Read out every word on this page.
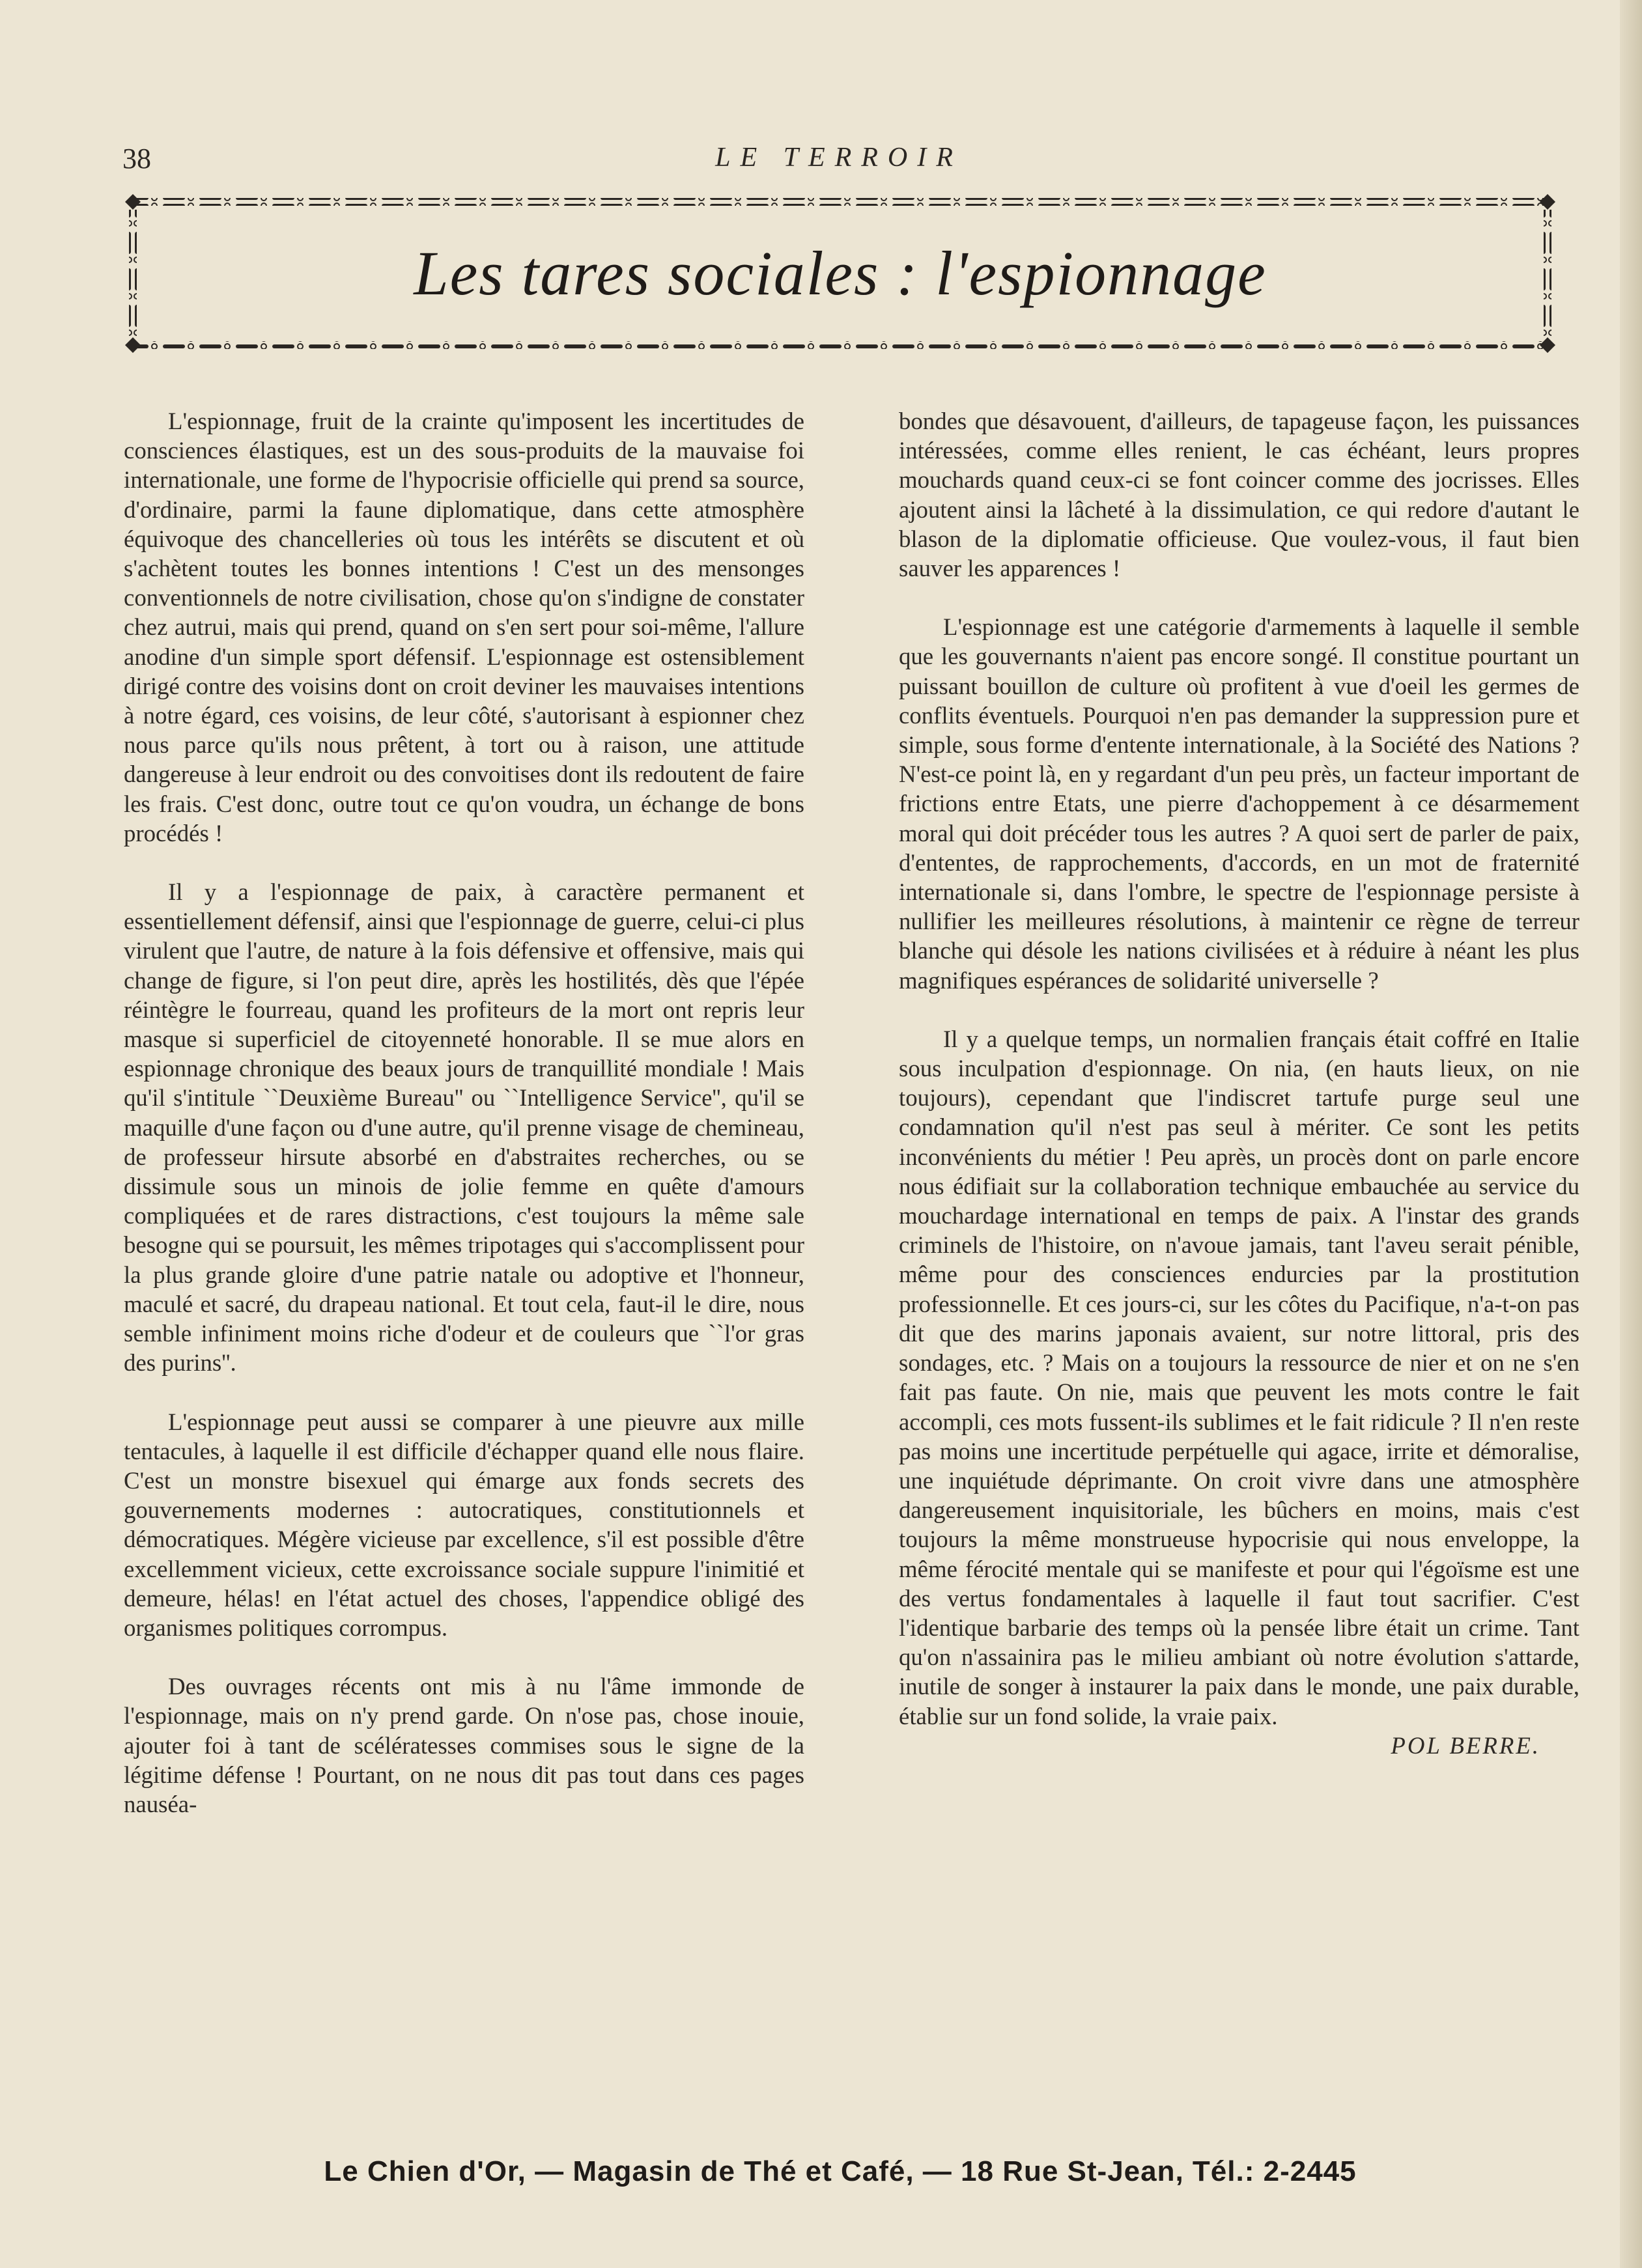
38	LE TERROIR
Les tares sociales : l'espionnage

L'espionnage, fruit de la crainte qu'imposent les incertitudes de consciences élastiques, est un des sous-produits de la mauvaise foi internationale, une forme de l'hypocrisie officielle qui prend sa source, d'ordinaire, parmi la faune diplomatique, dans cette atmosphère équivoque des chancelleries où tous les intérêts se discutent et où s'achètent toutes les bonnes intentions ! C'est un des mensonges conventionnels de notre civilisation, chose qu'on s'indigne de constater chez autrui, mais qui prend, quand on s'en sert pour soi-même, l'allure anodine d'un simple sport défensif. L'espionnage est ostensiblement dirigé contre des voisins dont on croit deviner les mauvaises intentions à notre égard, ces voisins, de leur côté, s'autorisant à espionner chez nous parce qu'ils nous prêtent, à tort ou à raison, une attitude dangereuse à leur endroit ou des convoitises dont ils redoutent de faire les frais. C'est donc, outre tout ce qu'on voudra, un échange de bons procédés !

Il y a l'espionnage de paix, à caractère permanent et essentiellement défensif, ainsi que l'espionnage de guerre, celui-ci plus virulent que l'autre, de nature à la fois défensive et offensive, mais qui change de figure, si l'on peut dire, après les hostilités, dès que l'épée réintègre le fourreau, quand les profiteurs de la mort ont repris leur masque si superficiel de citoyenneté honorable. Il se mue alors en espionnage chronique des beaux jours de tranquillité mondiale ! Mais qu'il s'intitule ``Deuxième Bureau'' ou ``Intelligence Service'', qu'il se maquille d'une façon ou d'une autre, qu'il prenne visage de chemineau, de professeur hirsute absorbé en d'abstraites recherches, ou se dissimule sous un minois de jolie femme en quête d'amours compliquées et de rares distractions, c'est toujours la même sale besogne qui se poursuit, les mêmes tripotages qui s'accomplissent pour la plus grande gloire d'une patrie natale ou adoptive et l'honneur, maculé et sacré, du drapeau national. Et tout cela, faut-il le dire, nous semble infiniment moins riche d'odeur et de couleurs que ``l'or gras des purins''.

L'espionnage peut aussi se comparer à une pieuvre aux mille tentacules, à laquelle il est difficile d'échapper quand elle nous flaire. C'est un monstre bisexuel qui émarge aux fonds secrets des gouvernements modernes : autocratiques, constitutionnels et démocratiques. Mégère vicieuse par excellence, s'il est possible d'être excellemment vicieux, cette excroissance sociale suppure l'inimitié et demeure, hélas! en l'état actuel des choses, l'appendice obligé des organismes politiques corrompus.

Des ouvrages récents ont mis à nu l'âme immonde de l'espionnage, mais on n'y prend garde. On n'ose pas, chose inouie, ajouter foi à tant de scélératesses commises sous le signe de la légitime défense ! Pourtant, on ne nous dit pas tout dans ces pages nauséa-

bondes que désavouent, d'ailleurs, de tapageuse façon, les puissances intéressées, comme elles renient, le cas échéant, leurs propres mouchards quand ceux-ci se font coincer comme des jocrisses. Elles ajoutent ainsi la lâcheté à la dissimulation, ce qui redore d'autant le blason de la diplomatie officieuse. Que voulez-vous, il faut bien sauver les apparences !

L'espionnage est une catégorie d'armements à laquelle il semble que les gouvernants n'aient pas encore songé. Il constitue pourtant un puissant bouillon de culture où profitent à vue d'oeil les germes de conflits éventuels. Pourquoi n'en pas demander la suppression pure et simple, sous forme d'entente internationale, à la Société des Nations ? N'est-ce point là, en y regardant d'un peu près, un facteur important de frictions entre Etats, une pierre d'achoppement à ce désarmement moral qui doit précéder tous les autres ? A quoi sert de parler de paix, d'ententes, de rapprochements, d'accords, en un mot de fraternité internationale si, dans l'ombre, le spectre de l'espionnage persiste à nullifier les meilleures résolutions, à maintenir ce règne de terreur blanche qui désole les nations civilisées et à réduire à néant les plus magnifiques espérances de solidarité universelle ?

Il y a quelque temps, un normalien français était coffré en Italie sous inculpation d'espionnage. On nia, (en hauts lieux, on nie toujours), cependant que l'indiscret tartufe purge seul une condamnation qu'il n'est pas seul à mériter. Ce sont les petits inconvénients du métier ! Peu après, un procès dont on parle encore nous édifiait sur la collaboration technique embauchée au service du mouchardage international en temps de paix. A l'instar des grands criminels de l'histoire, on n'avoue jamais, tant l'aveu serait pénible, même pour des consciences endurcies par la prostitution professionnelle. Et ces jours-ci, sur les côtes du Pacifique, n'a-t-on pas dit que des marins japonais avaient, sur notre littoral, pris des sondages, etc. ? Mais on a toujours la ressource de nier et on ne s'en fait pas faute. On nie, mais que peuvent les mots contre le fait accompli, ces mots fussent-ils sublimes et le fait ridicule ? Il n'en reste pas moins une incertitude perpétuelle qui agace, irrite et démoralise, une inquiétude déprimante. On croit vivre dans une atmosphère dangereusement inquisitoriale, les bûchers en moins, mais c'est toujours la même monstrueuse hypocrisie qui nous enveloppe, la même férocité mentale qui se manifeste et pour qui l'égoïsme est une des vertus fondamentales à laquelle il faut tout sacrifier. C'est l'identique barbarie des temps où la pensée libre était un crime. Tant qu'on n'assainira pas le milieu ambiant où notre évolution s'attarde, inutile de songer à instaurer la paix dans le monde, une paix durable, établie sur un fond solide, la vraie paix.

POL BERRE.
Le Chien d'Or, — Magasin de Thé et Café, — 18 Rue St-Jean, Tél.: 2-2445
